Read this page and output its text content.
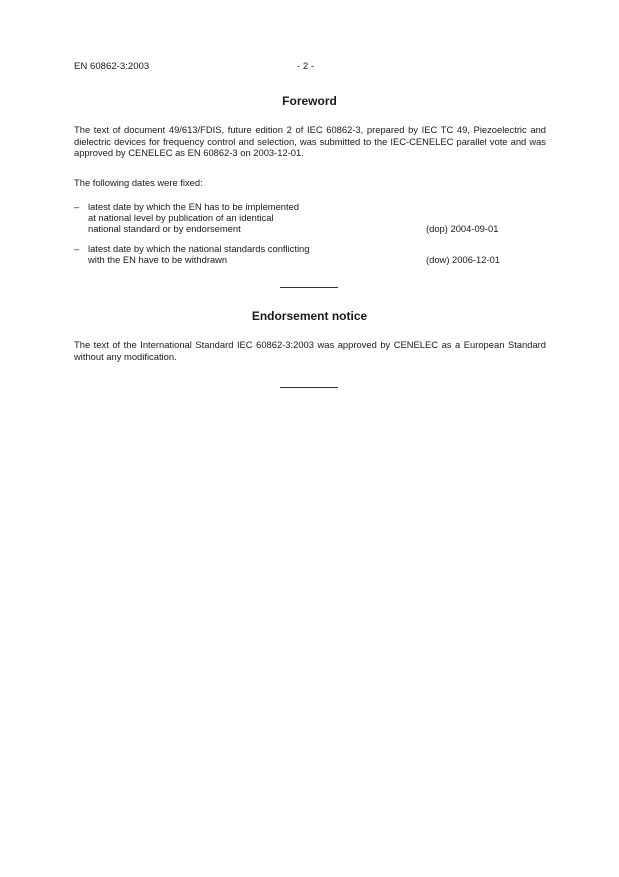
EN 60862-3:2003	- 2 -
Foreword
The text of document 49/613/FDIS, future edition 2 of IEC 60862-3, prepared by IEC TC 49, Piezoelectric and dielectric devices for frequency control and selection, was submitted to the IEC-CENELEC parallel vote and was approved by CENELEC as EN 60862-3 on 2003-12-01.
The following dates were fixed:
– latest date by which the EN has to be implemented
at national level by publication of an identical
national standard or by endorsement	(dop) 2004-09-01
– latest date by which the national standards conflicting
with the EN have to be withdrawn	(dow) 2006-12-01
Endorsement notice
The text of the International Standard IEC 60862-3:2003 was approved by CENELEC as a European Standard without any modification.
